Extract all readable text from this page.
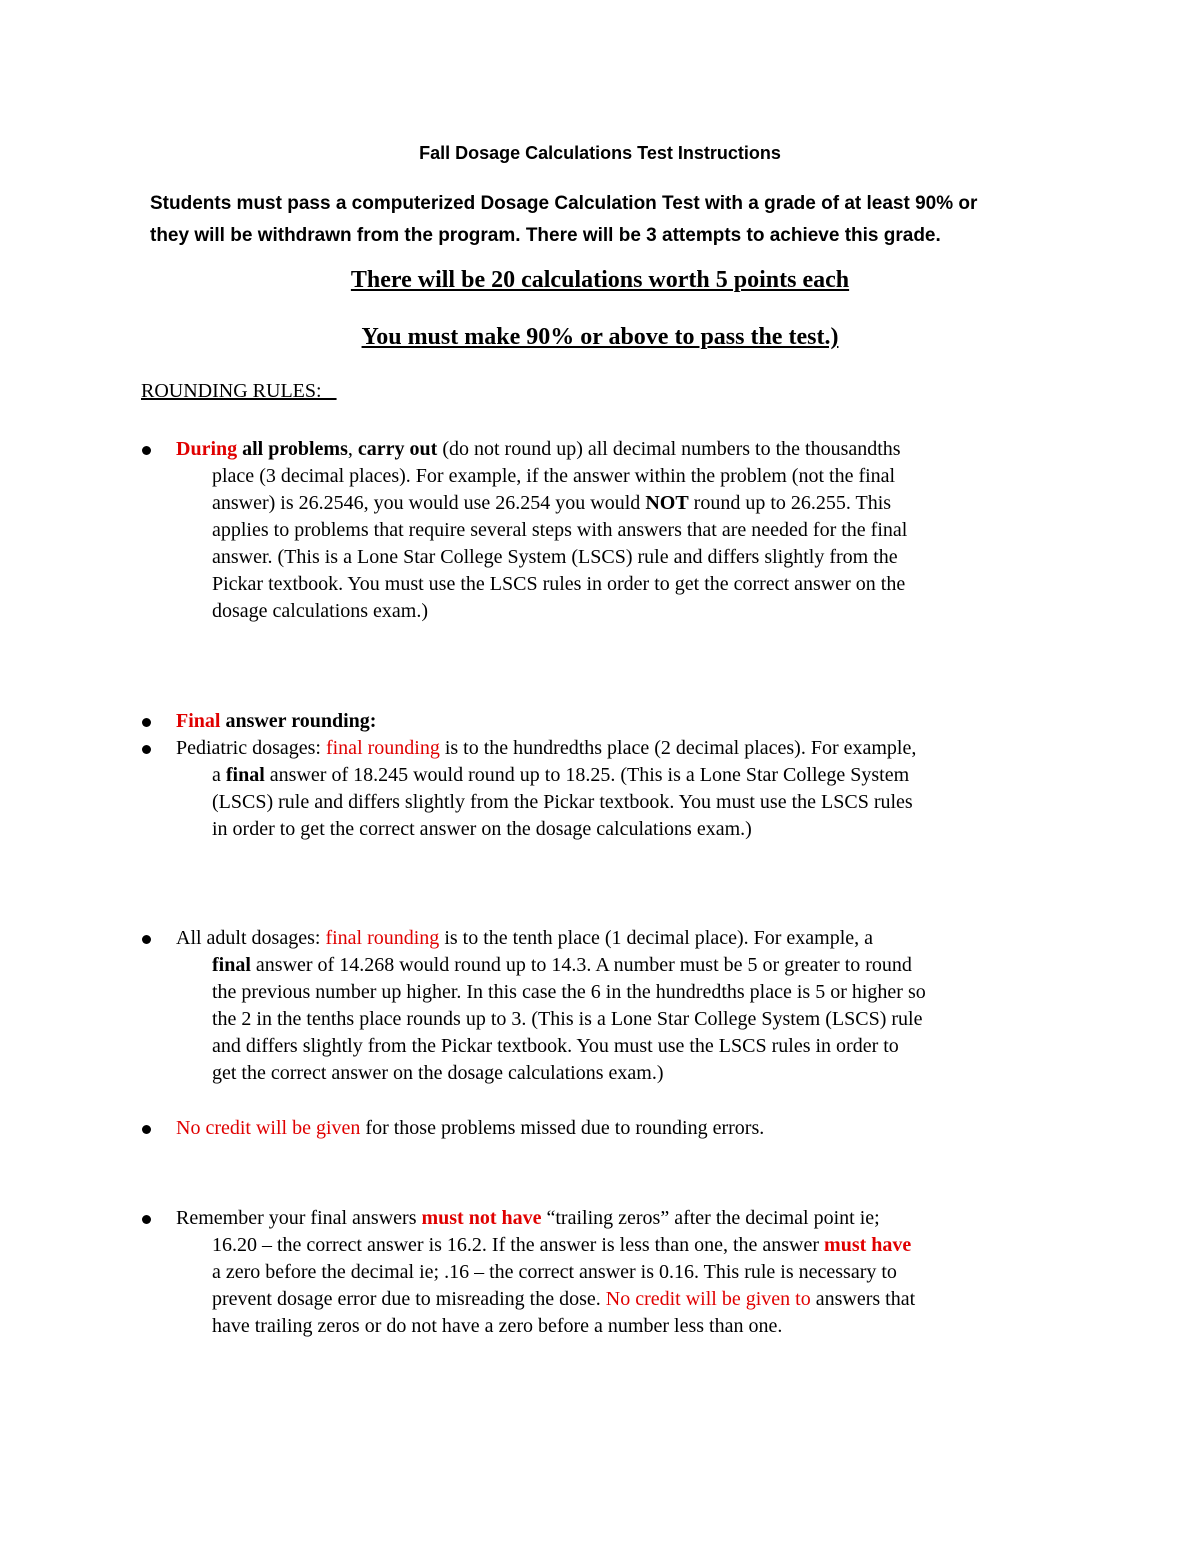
Fall Dosage Calculations Test Instructions
Students must pass a computerized Dosage Calculation Test with a grade of at least 90% or
they will be withdrawn from the program. There will be 3 attempts to achieve this grade.
There will be 20 calculations worth 5 points each
You must make 90% or above to pass the test.)
ROUNDING RULES:
During all problems, carry out (do not round up) all decimal numbers to the thousandths
place (3 decimal places). For example, if the answer within the problem (not the final
answer) is 26.2546, you would use 26.254 you would NOT round up to 26.255. This
applies to problems that require several steps with answers that are needed for the final
answer. (This is a Lone Star College System (LSCS) rule and differs slightly from the
Pickar textbook. You must use the LSCS rules in order to get the correct answer on the
dosage calculations exam.)
Final answer rounding:
Pediatric dosages: final rounding is to the hundredths place (2 decimal places). For example,
a final answer of 18.245 would round up to 18.25. (This is a Lone Star College System
(LSCS) rule and differs slightly from the Pickar textbook. You must use the LSCS rules
in order to get the correct answer on the dosage calculations exam.)
All adult dosages: final rounding is to the tenth place (1 decimal place). For example, a
final answer of 14.268 would round up to 14.3. A number must be 5 or greater to round
the previous number up higher. In this case the 6 in the hundredths place is 5 or higher so
the 2 in the tenths place rounds up to 3. (This is a Lone Star College System (LSCS) rule
and differs slightly from the Pickar textbook. You must use the LSCS rules in order to
get the correct answer on the dosage calculations exam.)
No credit will be given for those problems missed due to rounding errors.
Remember your final answers must not have “trailing zeros” after the decimal point ie;
16.20 – the correct answer is 16.2. If the answer is less than one, the answer must have
a zero before the decimal ie; .16 – the correct answer is 0.16. This rule is necessary to
prevent dosage error due to misreading the dose. No credit will be given to answers that
have trailing zeros or do not have a zero before a number less than one.
